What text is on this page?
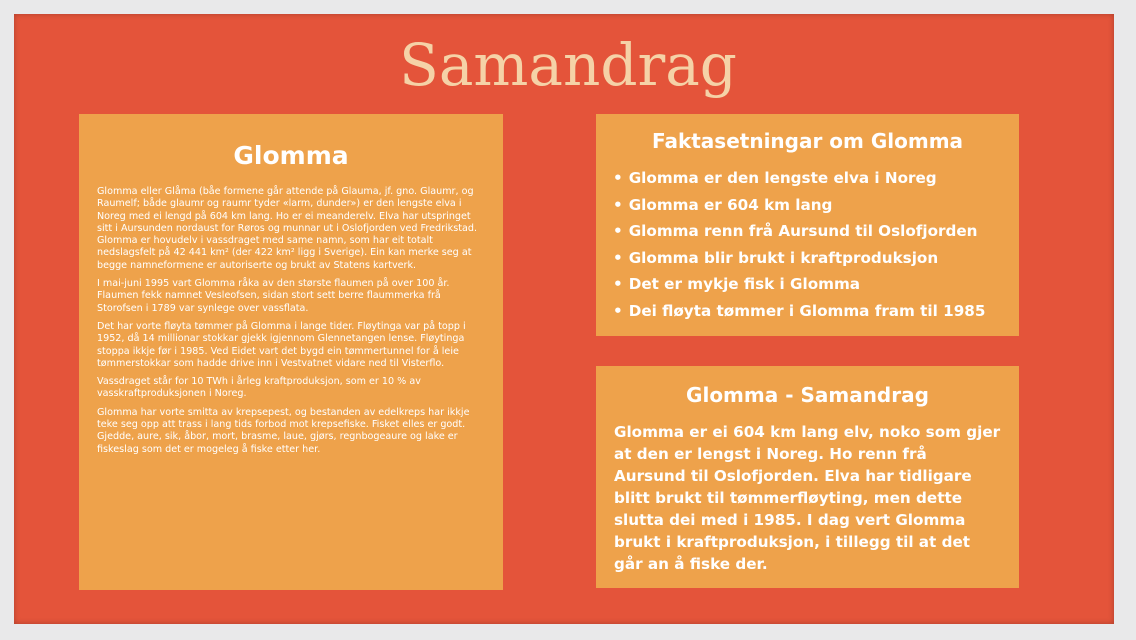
Samandrag
Glomma

Glomma eller Glåma (båe formene går attende på Glauma, jf. gno. Glaumr, og Raumelf; både glaumr og raumr tyder «larm, dunder») er den lengste elva i Noreg med ei lengd på 604 km lang. Ho er ei meanderelv. Elva har utspringet sitt i Aursunden nordaust for Røros og munnar ut i Oslofjorden ved Fredrikstad. Glomma er hovudelv i vassdraget med same namn, som har eit totalt nedslagsfelt på 42 441 km² (der 422 km² ligg i Sverige). Ein kan merke seg at begge namneformene er autoriserte og brukt av Statens kartverk.

I mai-juni 1995 vart Glomma råka av den største flaumen på over 100 år. Flaumen fekk namnet Vesleofsen, sidan stort sett berre flaummerka frå Storofsen i 1789 var synlege over vassflata.

Det har vorte fløyta tømmer på Glomma i lange tider. Fløytinga var på topp i 1952, då 14 millionar stokkar gjekk igjennom Glennetangen lense. Fløytinga stoppa ikkje før i 1985. Ved Eidet vart det bygd ein tømmertunnel for å leie tømmerstokkar som hadde drive inn i Vestvatnet vidare ned til Visterflo.

Vassdraget står for 10 TWh i årleg kraftproduksjon, som er 10 % av vasskraftproduksjonen i Noreg.

Glomma har vorte smitta av krepsepest, og bestanden av edelkreps har ikkje teke seg opp att trass i lang tids forbod mot krepsefiske. Fisket elles er godt. Gjedde, aure, sik, åbor, mort, brasme, laue, gjørs, regnbogeaure og lake er fiskeslag som det er mogeleg å fiske etter her.

Faktasetningar om Glomma
• Glomma er den lengste elva i Noreg
• Glomma er 604 km lang
• Glomma renn frå Aursund til Oslofjorden
• Glomma blir brukt i kraftproduksjon
• Det er mykje fisk i Glomma
• Dei fløyta tømmer i Glomma fram til 1985
Glomma - Samandrag

Glomma er ei 604 km lang elv, noko som gjer at den er lengst i Noreg. Ho renn frå Aursund til Oslofjorden. Elva har tidligare blitt brukt til tømmerfløyting, men dette slutta dei med i 1985. I dag vert Glomma brukt i kraftproduksjon, i tillegg til at det går an å fiske der.
